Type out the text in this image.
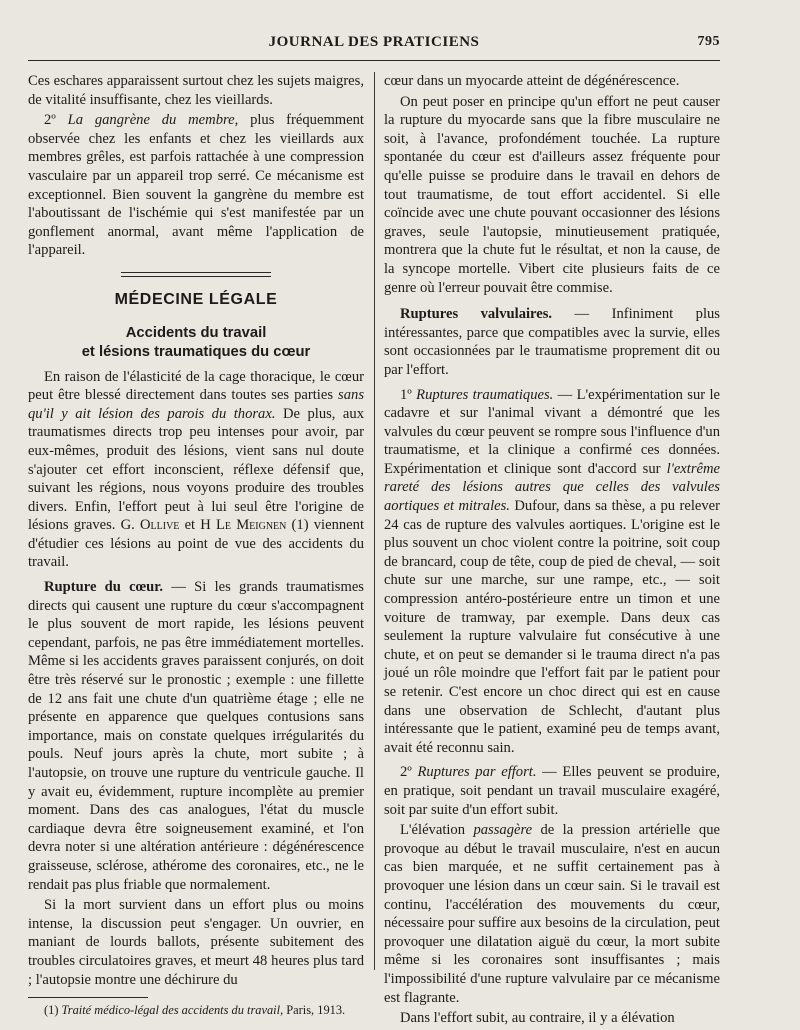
JOURNAL DES PRATICIENS	795

Ces eschares apparaissent surtout chez les sujets maigres, de vitalité insuffisante, chez les vieillards.

2º La gangrène du membre, plus fréquemment observée chez les enfants et chez les vieillards aux membres grêles, est parfois rattachée à une compression vasculaire par un appareil trop serré. Ce mécanisme est exceptionnel. Bien souvent la gangrène du membre est l'aboutissant de l'ischémie qui s'est manifestée par un gonflement anormal, avant même l'application de l'appareil.

MÉDECINE LÉGALE
Accidents du travail
et lésions traumatiques du cœur

En raison de l'élasticité de la cage thoracique, le cœur peut être blessé directement dans toutes ses parties sans qu'il y ait lésion des parois du thorax. De plus, aux traumatismes directs trop peu intenses pour avoir, par eux-mêmes, produit des lésions, vient sans nul doute s'ajouter cet effort inconscient, réflexe défensif que, suivant les régions, nous voyons produire des troubles divers. Enfin, l'effort peut à lui seul être l'origine de lésions graves. G. Ollive et H Le Meignen (1) viennent d'étudier ces lésions au point de vue des accidents du travail.

Rupture du cœur. — Si les grands traumatismes directs qui causent une rupture du cœur s'accompagnent le plus souvent de mort rapide, les lésions peuvent cependant, parfois, ne pas être immédiatement mortelles. Même si les accidents graves paraissent conjurés, on doit être très réservé sur le pronostic ; exemple : une fillette de 12 ans fait une chute d'un quatrième étage ; elle ne présente en apparence que quelques contusions sans importance, mais on constate quelques irrégularités du pouls. Neuf jours après la chute, mort subite ; à l'autopsie, on trouve une rupture du ventricule gauche. Il y avait eu, évidemment, rupture incomplète au premier moment. Dans des cas analogues, l'état du muscle cardiaque devra être soigneusement examiné, et l'on devra noter si une altération antérieure : dégénérescence graisseuse, sclérose, athérome des coronaires, etc., ne le rendait pas plus friable que normalement.

Si la mort survient dans un effort plus ou moins intense, la discussion peut s'engager. Un ouvrier, en maniant de lourds ballots, présente subitement des troubles circulatoires graves, et meurt 48 heures plus tard ; l'autopsie montre une déchirure du

(1) Traité médico-légal des accidents du travail, Paris, 1913.

cœur dans un myocarde atteint de dégénérescence.

On peut poser en principe qu'un effort ne peut causer la rupture du myocarde sans que la fibre musculaire ne soit, à l'avance, profondément touchée. La rupture spontanée du cœur est d'ailleurs assez fréquente pour qu'elle puisse se produire dans le travail en dehors de tout traumatisme, de tout effort accidentel. Si elle coïncide avec une chute pouvant occasionner des lésions graves, seule l'autopsie, minutieusement pratiquée, montrera que la chute fut le résultat, et non la cause, de la syncope mortelle. Vibert cite plusieurs faits de ce genre où l'erreur pouvait être commise.

Ruptures valvulaires. — Infiniment plus intéressantes, parce que compatibles avec la survie, elles sont occasionnées par le traumatisme proprement dit ou par l'effort.

1º Ruptures traumatiques. — L'expérimentation sur le cadavre et sur l'animal vivant a démontré que les valvules du cœur peuvent se rompre sous l'influence d'un traumatisme, et la clinique a confirmé ces données. Expérimentation et clinique sont d'accord sur l'extrême rareté des lésions autres que celles des valvules aortiques et mitrales. Dufour, dans sa thèse, a pu relever 24 cas de rupture des valvules aortiques. L'origine est le plus souvent un choc violent contre la poitrine, soit coup de brancard, coup de tête, coup de pied de cheval, — soit chute sur une marche, sur une rampe, etc., — soit compression antéro-postérieure entre un timon et une voiture de tramway, par exemple. Dans deux cas seulement la rupture valvulaire fut consécutive à une chute, et on peut se demander si le trauma direct n'a pas joué un rôle moindre que l'effort fait par le patient pour se retenir. C'est encore un choc direct qui est en cause dans une observation de Schlecht, d'autant plus intéressante que le patient, examiné peu de temps avant, avait été reconnu sain.

2º Ruptures par effort. — Elles peuvent se produire, en pratique, soit pendant un travail musculaire exagéré, soit par suite d'un effort subit.

L'élévation passagère de la pression artérielle que provoque au début le travail musculaire, n'est en aucun cas bien marquée, et ne suffit certainement pas à provoquer une lésion dans un cœur sain. Si le travail est continu, l'accélération des mouvements du cœur, nécessaire pour suffire aux besoins de la circulation, peut provoquer une dilatation aiguë du cœur, la mort subite même si les coronaires sont insuffisantes ; mais l'impossibilité d'une rupture valvulaire par ce mécanisme est flagrante.

Dans l'effort subit, au contraire, il y a élévation
